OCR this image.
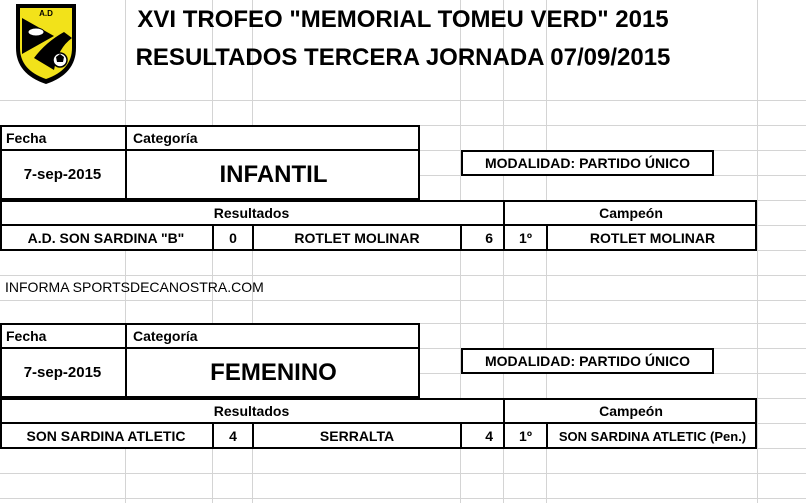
A.D	XVI TROFEO "MEMORIAL TOMEU VERD" 2015
RESULTADOS TERCERA JORNADA 07/09/2015
Fecha	Categoría
7-sep-2015	INFANTIL	MODALIDAD: PARTIDO ÚNICO
Resultados	Campeón
A.D. SON SARDINA "B"	0	ROTLET MOLINAR	6	1º	ROTLET MOLINAR
INFORMA SPORTSDECANOSTRA.COM
Fecha	Categoría
7-sep-2015	FEMENINO	MODALIDAD: PARTIDO ÚNICO
Resultados	Campeón
SON SARDINA ATLETIC	4	SERRALTA	4	1º	SON SARDINA ATLETIC (Pen.)
